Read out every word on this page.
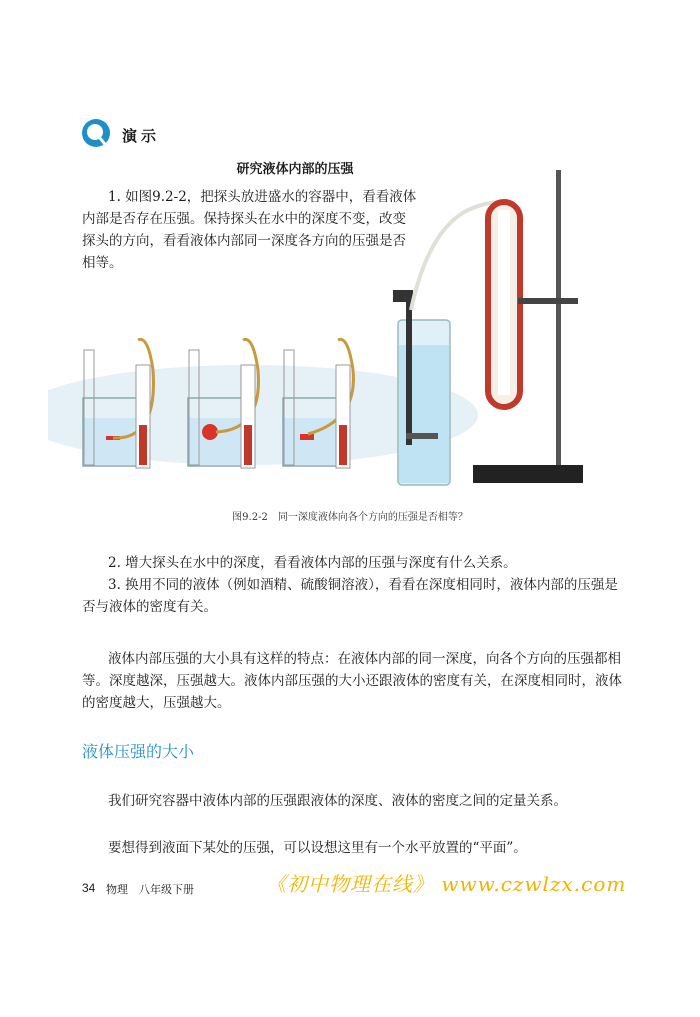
演示
研究液体内部的压强
1. 如图9.2-2，把探头放进盛水的容器中，看看液体内部是否存在压强。保持探头在水中的深度不变，改变探头的方向，看看液体内部同一深度各方向的压强是否相等。
图9.2-2　同一深度液体向各个方向的压强是否相等？
2. 增大探头在水中的深度，看看液体内部的压强与深度有什么关系。
3. 换用不同的液体（例如酒精、硫酸铜溶液），看看在深度相同时，液体内部的压强是否与液体的密度有关。
液体内部压强的大小具有这样的特点：在液体内部的同一深度，向各个方向的压强都相等。深度越深，压强越大。液体内部压强的大小还跟液体的密度有关，在深度相同时，液体的密度越大，压强越大。
液体压强的大小
我们研究容器中液体内部的压强跟液体的深度、液体的密度之间的定量关系。
要想得到液面下某处的压强，可以设想这里有一个水平放置的“平面”。
34 物理　八年级下册	《初中物理在线》 www.czwlzx.com
